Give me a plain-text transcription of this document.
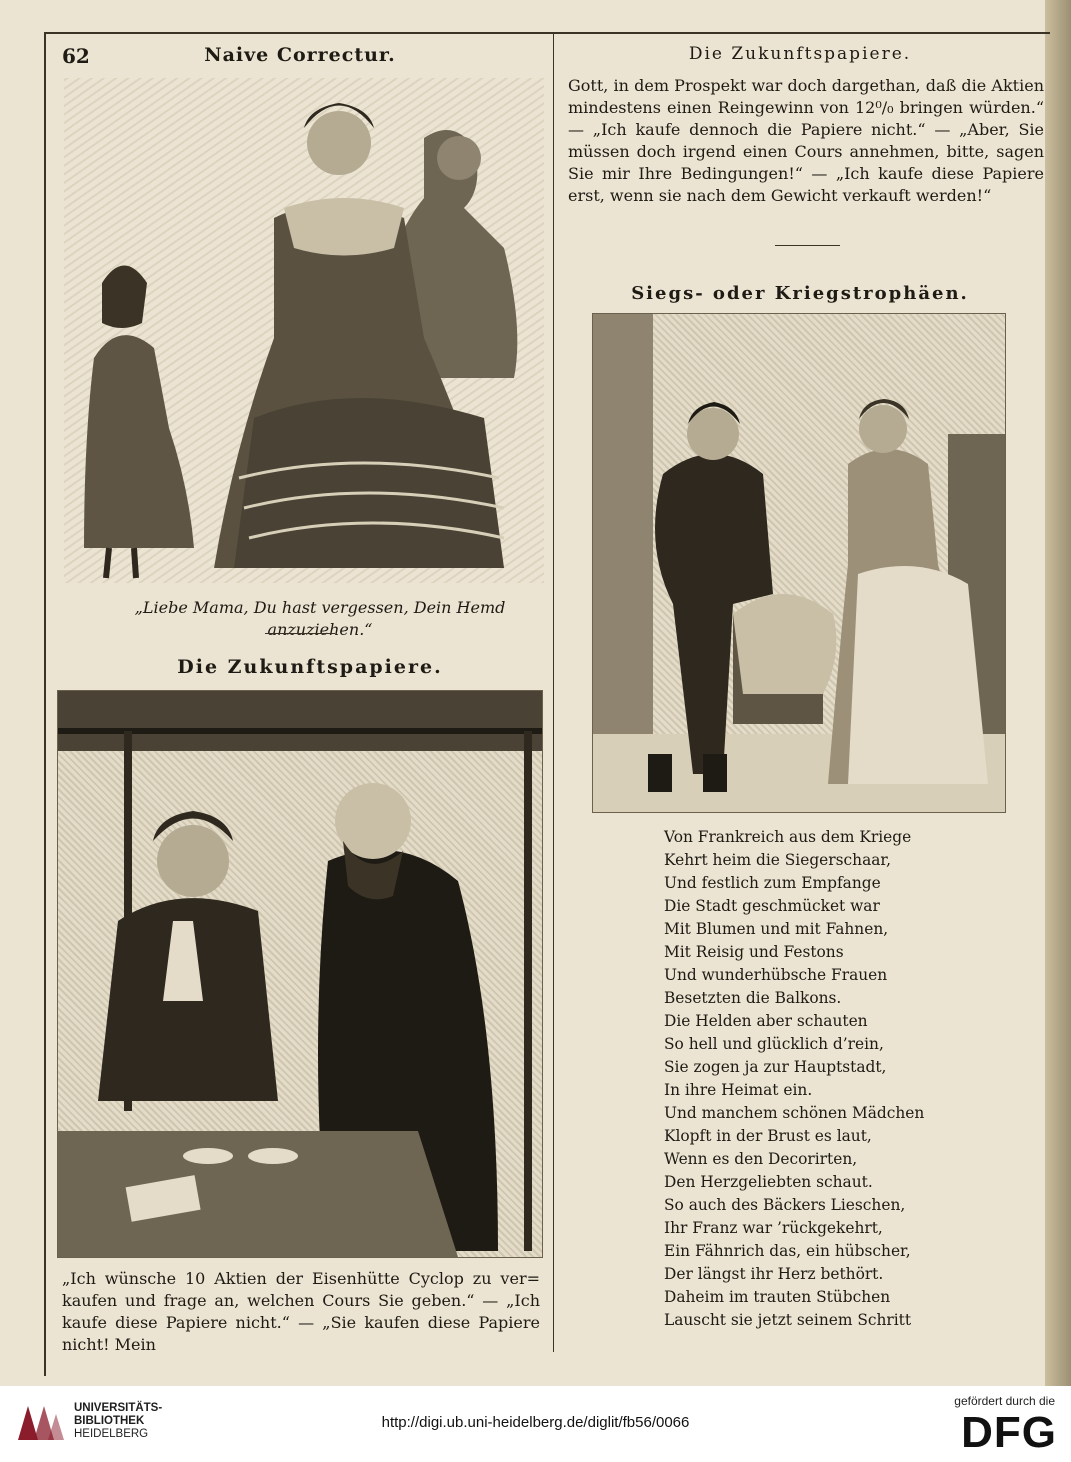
62	Naive Correctur.	Die Zukunftspapiere.
„Liebe Mama, Du hast vergessen, Dein Hemd anzuziehen.“
Die Zukunftspapiere.
„Ich wünsche 10 Aktien der Eisenhütte Cyclop zu ver= kaufen und frage an, welchen Cours Sie geben.“ — „Ich kaufe diese Papiere nicht.“ — „Sie kaufen diese Papiere nicht! Mein
Gott, in dem Prospekt war doch dargethan, daß die Aktien mindestens einen Reingewinn von 12⁰/₀ bringen würden.“ — „Ich kaufe dennoch die Papiere nicht.“ — „Aber, Sie müssen doch irgend einen Cours annehmen, bitte, sagen Sie mir Ihre Bedingungen!“ — „Ich kaufe diese Papiere erst, wenn sie nach dem Gewicht verkauft werden!“
Siegs- oder Kriegstrophäen.
Von Frankreich aus dem Kriege
Kehrt heim die Siegerschaar,
Und festlich zum Empfange
Die Stadt geschmücket war
Mit Blumen und mit Fahnen,
Mit Reisig und Festons
Und wunderhübsche Frauen
Besetzten die Balkons.
Die Helden aber schauten
So hell und glücklich d’rein,
Sie zogen ja zur Hauptstadt,
In ihre Heimat ein.
Und manchem schönen Mädchen
Klopft in der Brust es laut,
Wenn es den Decorirten,
Den Herzgeliebten schaut.
So auch des Bäckers Lieschen,
Ihr Franz war ’rückgekehrt,
Ein Fähnrich das, ein hübscher,
Der längst ihr Herz bethört.
Daheim im trauten Stübchen
Lauscht sie jetzt seinem Schritt
UNIVERSITÄTS-
BIBLIOTHEK
HEIDELBERG
http://digi.ub.uni-heidelberg.de/diglit/fb56/0066
gefördert durch die
DFG
